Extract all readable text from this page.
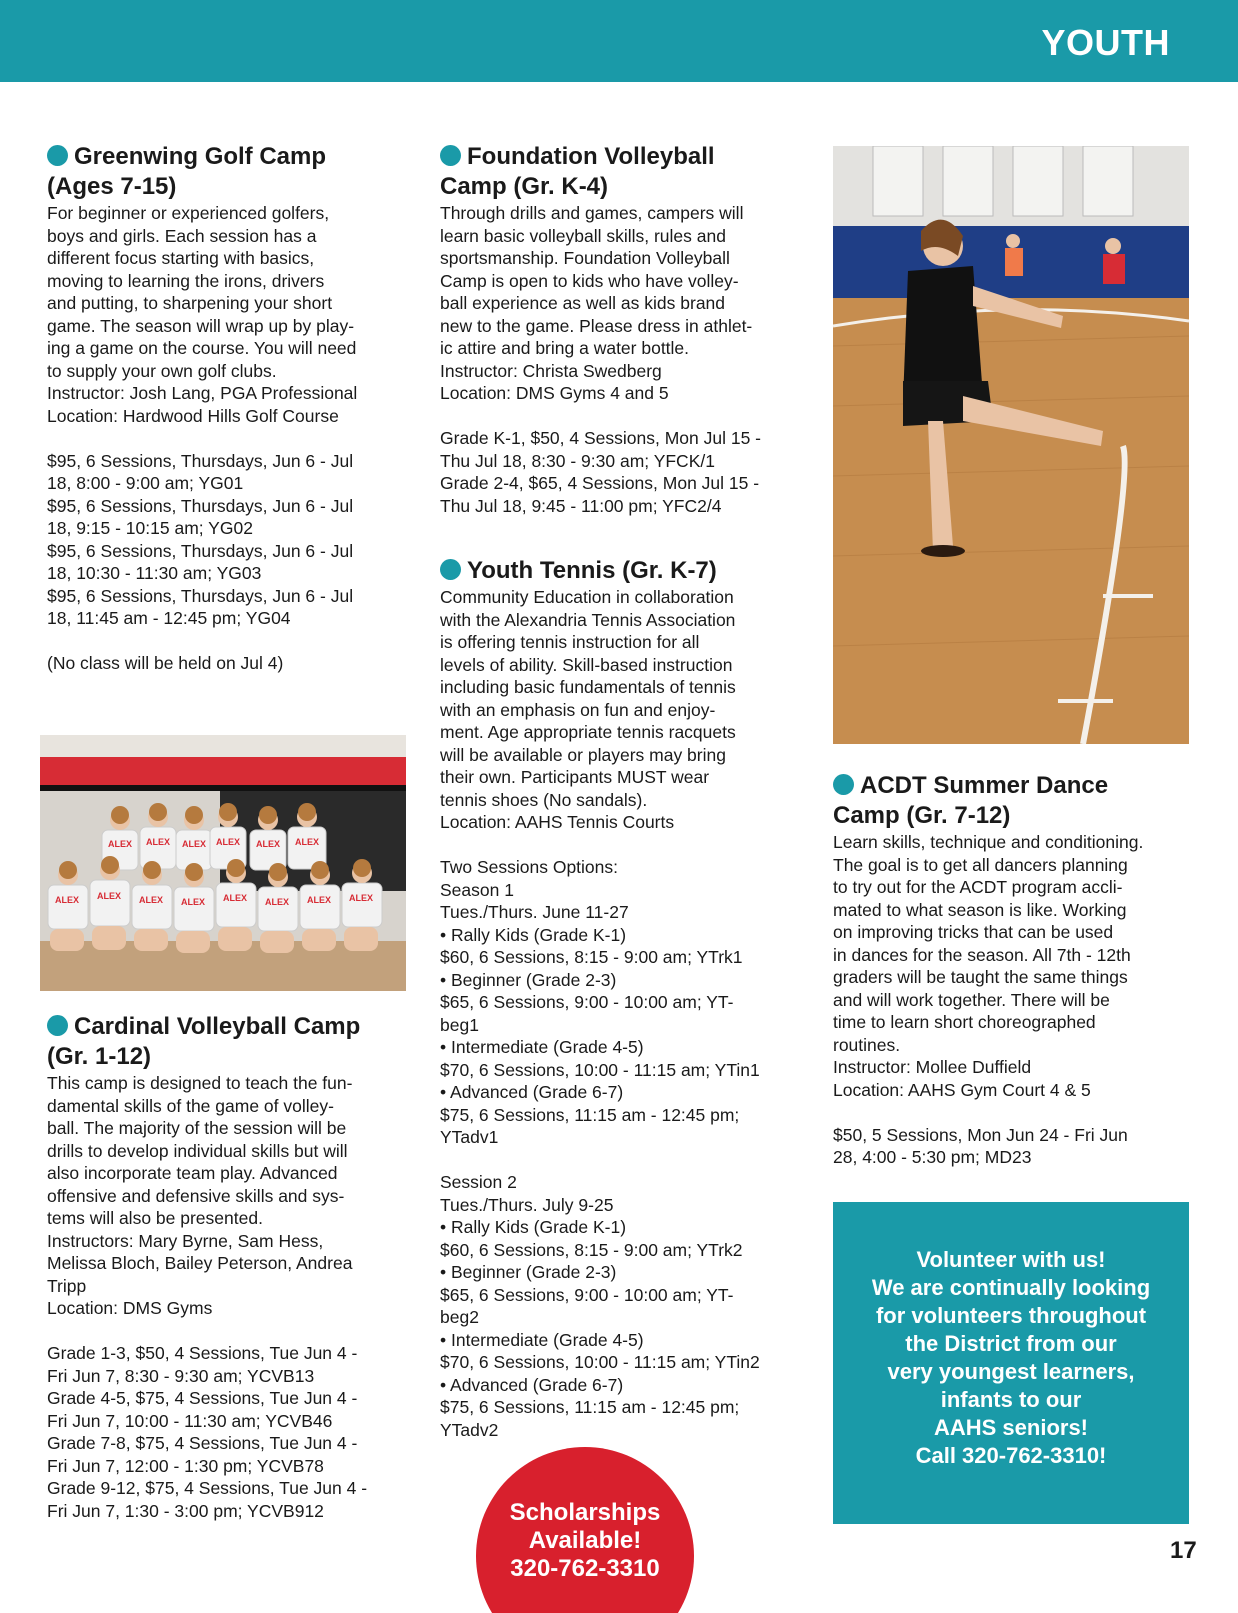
YOUTH
Greenwing Golf Camp
(Ages 7-15)
For beginner or experienced golfers,
boys and girls. Each session has a
different focus starting with basics,
moving to learning the irons, drivers
and putting, to sharpening your short
game. The season will wrap up by play-
ing a game on the course. You will need
to supply your own golf clubs.
Instructor: Josh Lang, PGA Professional
Location: Hardwood Hills Golf Course

$95, 6 Sessions, Thursdays, Jun 6 - Jul
18, 8:00 - 9:00 am; YG01
$95, 6 Sessions, Thursdays, Jun 6 - Jul
18, 9:15 - 10:15 am; YG02
$95, 6 Sessions, Thursdays, Jun 6 - Jul
18, 10:30 - 11:30 am; YG03
$95, 6 Sessions, Thursdays, Jun 6 - Jul
18, 11:45 am - 12:45 pm; YG04

(No class will be held on Jul 4)
ALEX ALEX ALEX ALEX ALEX ALEX
ALEX ALEX ALEX ALEX ALEX ALEX ALEX ALEX
Cardinal Volleyball Camp
(Gr. 1-12)
This camp is designed to teach the fun-
damental skills of the game of volley-
ball. The majority of the session will be
drills to develop individual skills but will
also incorporate team play. Advanced
offensive and defensive skills and sys-
tems will also be presented.
Instructors: Mary Byrne, Sam Hess,
Melissa Bloch, Bailey Peterson, Andrea
Tripp
Location: DMS Gyms

Grade 1-3, $50, 4 Sessions, Tue Jun 4 -
Fri Jun 7, 8:30 - 9:30 am; YCVB13
Grade 4-5, $75, 4 Sessions, Tue Jun 4 -
Fri Jun 7, 10:00 - 11:30 am; YCVB46
Grade 7-8, $75, 4 Sessions, Tue Jun 4 -
Fri Jun 7, 12:00 - 1:30 pm; YCVB78
Grade 9-12, $75, 4 Sessions, Tue Jun 4 -
Fri Jun 7, 1:30 - 3:00 pm; YCVB912
Foundation Volleyball
Camp (Gr. K-4)
Through drills and games, campers will
learn basic volleyball skills, rules and
sportsmanship. Foundation Volleyball
Camp is open to kids who have volley-
ball experience as well as kids brand
new to the game. Please dress in athlet-
ic attire and bring a water bottle.
Instructor: Christa Swedberg
Location: DMS Gyms 4 and 5

Grade K-1, $50, 4 Sessions, Mon Jul 15 -
Thu Jul 18, 8:30 - 9:30 am; YFCK/1
Grade 2-4, $65, 4 Sessions, Mon Jul 15 -
Thu Jul 18, 9:45 - 11:00 pm; YFC2/4
Youth Tennis (Gr. K-7)
Community Education in collaboration
with the Alexandria Tennis Association
is offering tennis instruction for all
levels of ability. Skill-based instruction
including basic fundamentals of tennis
with an emphasis on fun and enjoy-
ment. Age appropriate tennis racquets
will be available or players may bring
their own. Participants MUST wear
tennis shoes (No sandals).
Location: AAHS Tennis Courts

Two Sessions Options:
Season 1
Tues./Thurs. June 11-27
• Rally Kids (Grade K-1)
$60, 6 Sessions, 8:15 - 9:00 am; YTrk1
• Beginner (Grade 2-3)
$65, 6 Sessions, 9:00 - 10:00 am; YT-
beg1
• Intermediate (Grade 4-5)
$70, 6 Sessions, 10:00 - 11:15 am; YTin1
• Advanced (Grade 6-7)
$75, 6 Sessions, 11:15 am - 12:45 pm;
YTadv1

Session 2
Tues./Thurs. July 9-25
• Rally Kids (Grade K-1)
$60, 6 Sessions, 8:15 - 9:00 am; YTrk2
• Beginner (Grade 2-3)
$65, 6 Sessions, 9:00 - 10:00 am; YT-
beg2
• Intermediate (Grade 4-5)
$70, 6 Sessions, 10:00 - 11:15 am; YTin2
• Advanced (Grade 6-7)
$75, 6 Sessions, 11:15 am - 12:45 pm;
YTadv2
ACDT Summer Dance
Camp (Gr. 7-12)
Learn skills, technique and conditioning.
The goal is to get all dancers planning
to try out for the ACDT program accli-
mated to what season is like. Working
on improving tricks that can be used
in dances for the season. All 7th - 12th
graders will be taught the same things
and will work together. There will be
time to learn short choreographed
routines.
Instructor: Mollee Duffield
Location: AAHS Gym Court 4 & 5

$50, 5 Sessions, Mon Jun 24 - Fri Jun
28, 4:00 - 5:30 pm; MD23
Volunteer with us!
We are continually looking
for volunteers throughout
the District from our
very youngest learners,
infants to our
AAHS seniors!
Call 320-762-3310!
Scholarships
Available!
320-762-3310
17
